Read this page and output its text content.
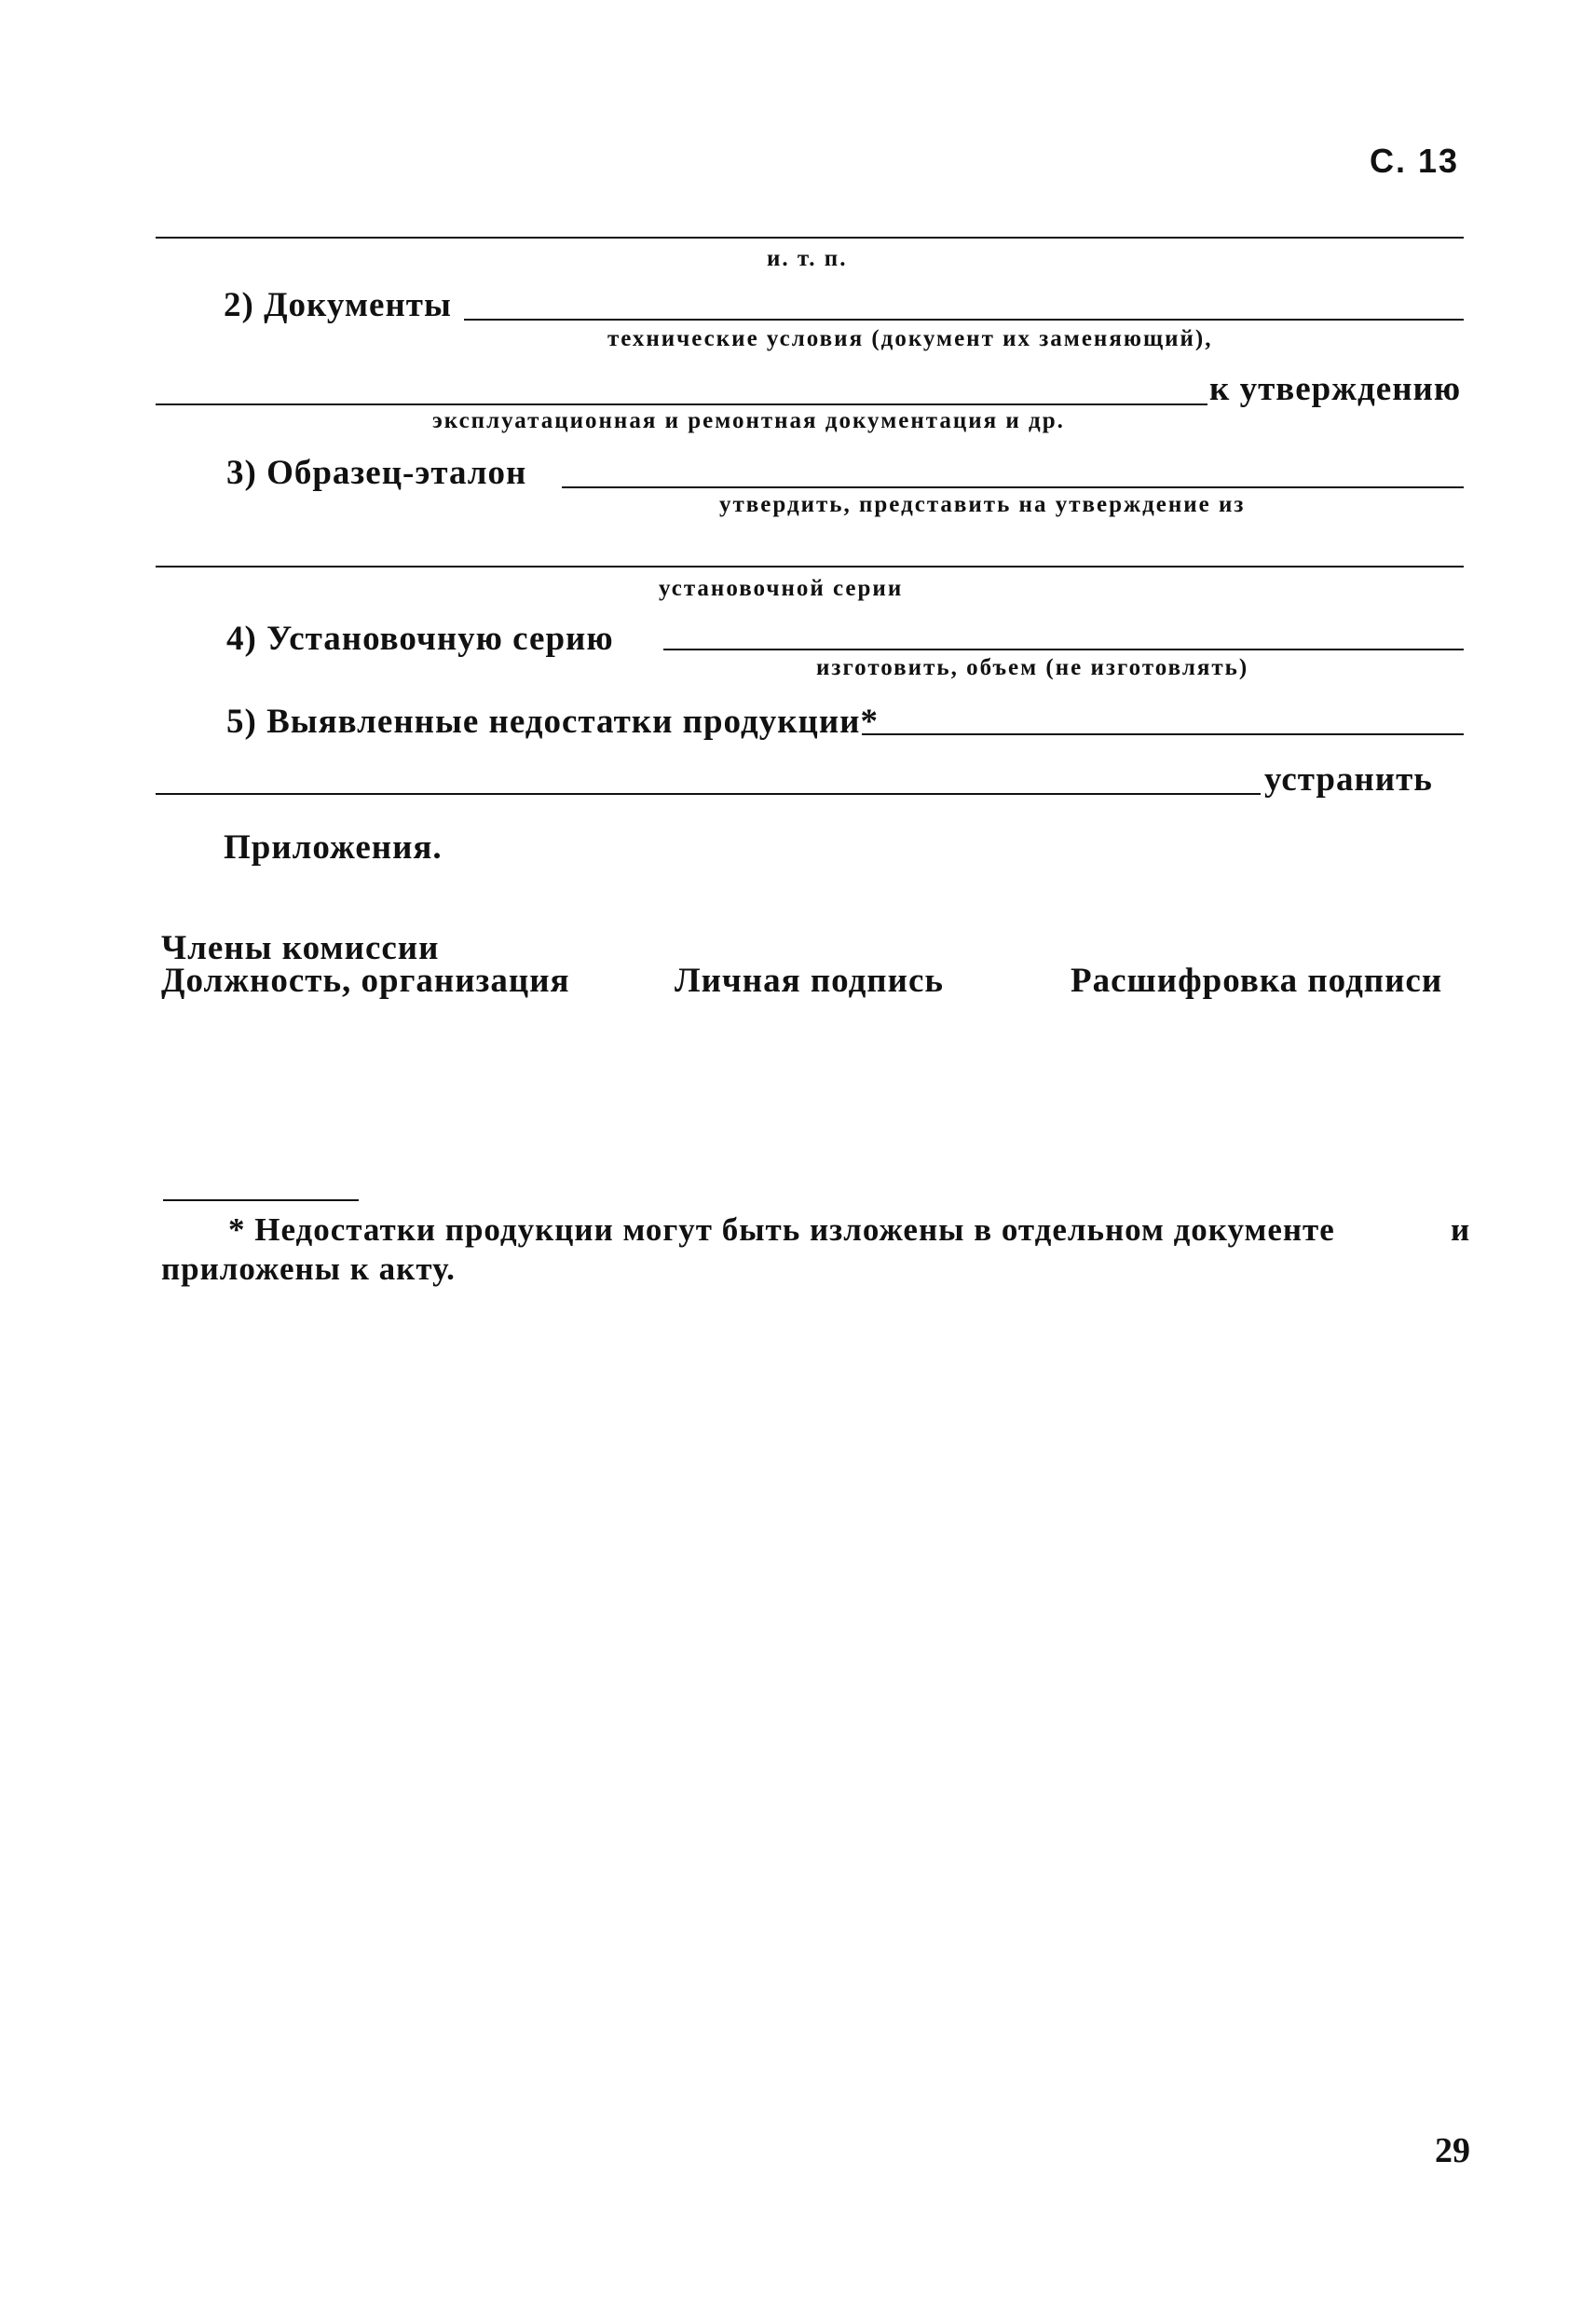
С. 13
и. т. п.
2) Документы
технические условия (документ их заменяющий),
к утверждению
эксплуатационная и ремонтная документация и др.
3) Образец-эталон
утвердить, представить на утверждение из
установочной серии
4) Установочную серию
изготовить, объем (не изготовлять)
5) Выявленные недостатки продукции*
устранить
Приложения.
Члены комиссии
Должность, организация	Личная подпись	Расшифровка подписи
* Недостатки продукции могут быть изложены в отдельном документе	и
приложены к акту.
29
